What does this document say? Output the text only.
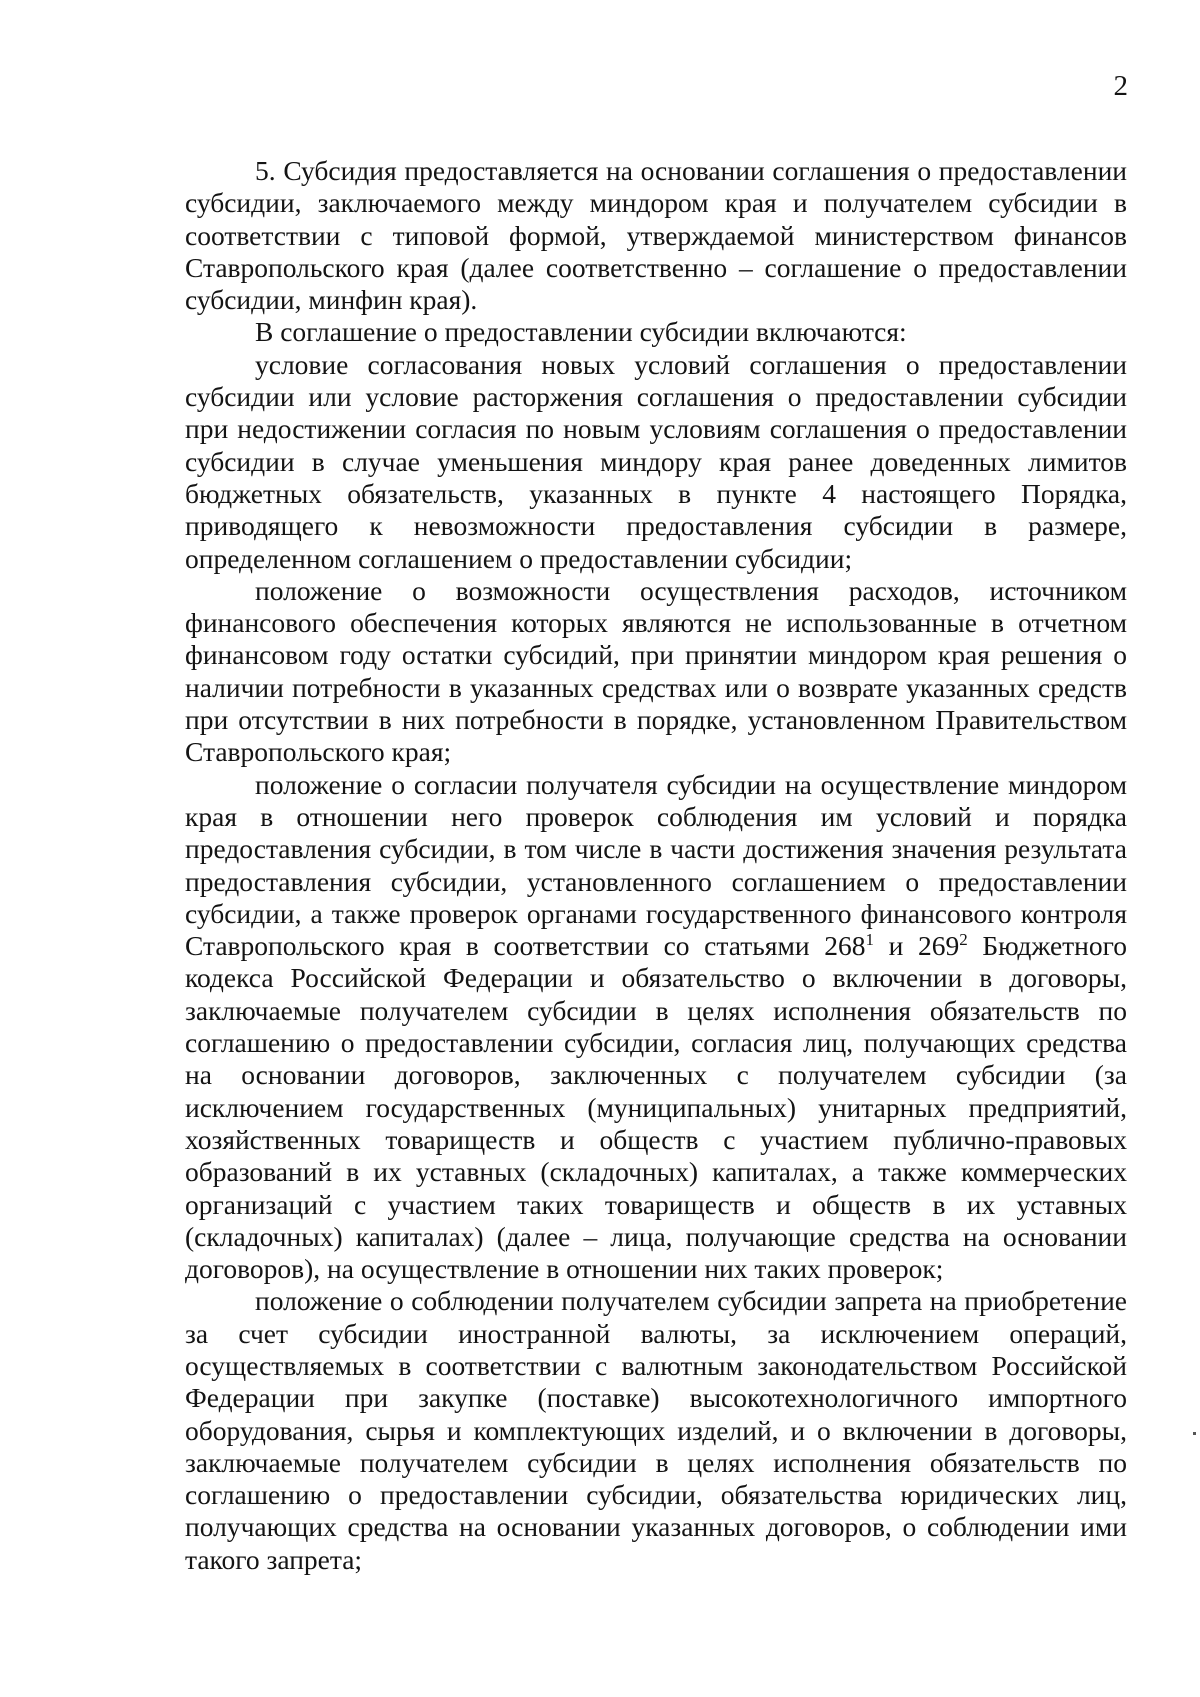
2

5. Субсидия предоставляется на основании соглашения о предоставлении субсидии, заключаемого между миндором края и получателем субсидии в соответствии с типовой формой, утверждаемой министерством финансов Ставропольского края (далее соответственно – соглашение о предоставлении субсидии, минфин края).

В соглашение о предоставлении субсидии включаются:

условие согласования новых условий соглашения о предоставлении субсидии или условие расторжения соглашения о предоставлении субсидии при недостижении согласия по новым условиям соглашения о предоставлении субсидии в случае уменьшения миндору края ранее доведенных лимитов бюджетных обязательств, указанных в пункте 4 настоящего Порядка, приводящего к невозможности предоставления субсидии в размере, определенном соглашением о предоставлении субсидии;

положение о возможности осуществления расходов, источником финансового обеспечения которых являются не использованные в отчетном финансовом году остатки субсидий, при принятии миндором края решения о наличии потребности в указанных средствах или о возврате указанных средств при отсутствии в них потребности в порядке, установленном Правительством Ставропольского края;

положение о согласии получателя субсидии на осуществление миндором края в отношении него проверок соблюдения им условий и порядка предоставления субсидии, в том числе в части достижения значения результата предоставления субсидии, установленного соглашением о предоставлении субсидии, а также проверок органами государственного финансового контроля Ставропольского края в соответствии со статьями $268^1$ и $269^2$ Бюджетного кодекса Российской Федерации и обязательство о включении в договоры, заключаемые получателем субсидии в целях исполнения обязательств по соглашению о предоставлении субсидии, согласия лиц, получающих средства на основании договоров, заключенных с получателем субсидии (за исключением государственных (муниципальных) унитарных предприятий, хозяйственных товариществ и обществ с участием публично-правовых образований в их уставных (складочных) капиталах, а также коммерческих организаций с участием таких товариществ и обществ в их уставных (складочных) капиталах) (далее – лица, получающие средства на основании договоров), на осуществление в отношении них таких проверок;

положение о соблюдении получателем субсидии запрета на приобретение за счет субсидии иностранной валюты, за исключением операций, осуществляемых в соответствии с валютным законодательством Российской Федерации при закупке (поставке) высокотехнологичного импортного оборудования, сырья и комплектующих изделий, и о включении в договоры, заключаемые получателем субсидии в целях исполнения обязательств по соглашению о предоставлении субсидии, обязательства юридических лиц, получающих средства на основании указанных договоров, о соблюдении ими такого запрета;
